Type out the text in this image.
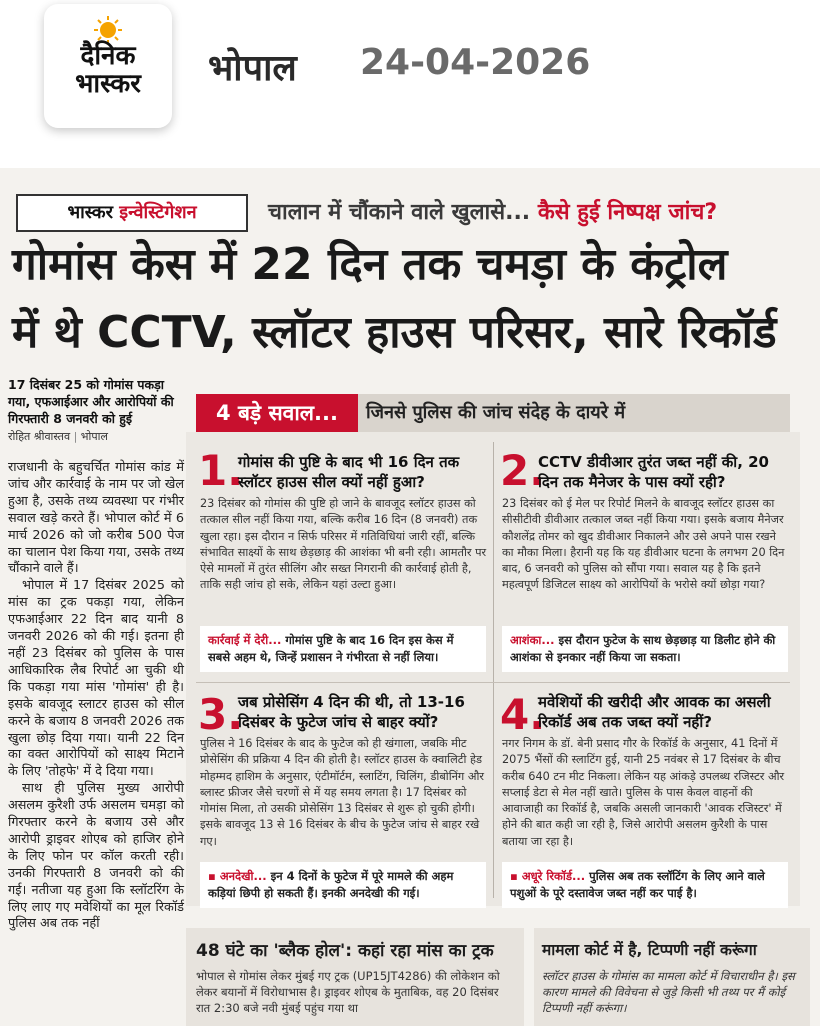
दैनिक
भास्कर	भोपाल 24-04-2026
भास्कर इन्वेस्टिगेशन	चालान में चौंकाने वाले खुलासे... कैसे हुई निष्पक्ष जांच?
गोमांस केस में 22 दिन तक चमड़ा के कंट्रोल
में थे CCTV, स्लॉटर हाउस परिसर, सारे रिकॉर्ड
17 दिसंबर 25 को गोमांस पकड़ा गया, एफआईआर और आरोपियों की गिरफ्तारी 8 जनवरी को हुई
रोहित श्रीवास्तव | भोपाल

राजधानी के बहुचर्चित गोमांस कांड में जांच और कार्रवाई के नाम पर जो खेल हुआ है, उसके तथ्य व्यवस्था पर गंभीर सवाल खड़े करते हैं। भोपाल कोर्ट में 6 मार्च 2026 को जो करीब 500 पेज का चालान पेश किया गया, उसके तथ्य चौंकाने वाले हैं।

भोपाल में 17 दिसंबर 2025 को मांस का ट्रक पकड़ा गया, लेकिन एफआईआर 22 दिन बाद यानी 8 जनवरी 2026 को की गई। इतना ही नहीं 23 दिसंबर को पुलिस के पास आधिकारिक लैब रिपोर्ट आ चुकी थी कि पकड़ा गया मांस 'गोमांस' ही है। इसके बावजूद स्लाटर हाउस को सील करने के बजाय 8 जनवरी 2026 तक खुला छोड़ दिया गया। यानी 22 दिन का वक्त आरोपियों को साक्ष्य मिटाने के लिए 'तोहफे' में दे दिया गया।

साथ ही पुलिस मुख्य आरोपी असलम कुरैशी उर्फ असलम चमड़ा को गिरफ्तार करने के बजाय उसे और आरोपी ड्राइवर शोएब को हाजिर होने के लिए फोन पर कॉल करती रही। उनकी गिरफ्तारी 8 जनवरी को की गई। नतीजा यह हुआ कि स्लॉटरिंग के लिए लाए गए मवेशियों का मूल रिकॉर्ड पुलिस अब तक नहीं

4 बड़े सवाल...	जिनसे पुलिस की जांच संदेह के दायरे में
1.
गोमांस की पुष्टि के बाद भी 16 दिन तक स्लॉटर हाउस सील क्यों नहीं हुआ?
23 दिसंबर को गोमांस की पुष्टि हो जाने के बावजूद स्लॉटर हाउस को तत्काल सील नहीं किया गया, बल्कि करीब 16 दिन (8 जनवरी) तक खुला रहा। इस दौरान न सिर्फ परिसर में गतिविधियां जारी रहीं, बल्कि संभावित साक्ष्यों के साथ छेड़छाड़ की आशंका भी बनी रही। आमतौर पर ऐसे मामलों में तुरंत सीलिंग और सख्त निगरानी की कार्रवाई होती है, ताकि सही जांच हो सके, लेकिन यहां उल्टा हुआ।
कार्रवाई में देरी... गोमांस पुष्टि के बाद 16 दिन इस केस में सबसे अहम थे, जिन्हें प्रशासन ने गंभीरता से नहीं लिया।
2.
CCTV डीवीआर तुरंत जब्त नहीं की, 20 दिन तक मैनेजर के पास क्यों रही?
23 दिसंबर को ई मेल पर रिपोर्ट मिलने के बावजूद स्लॉटर हाउस का सीसीटीवी डीवीआर तत्काल जब्त नहीं किया गया। इसके बजाय मैनेजर कौशलेंद्र तोमर को खुद डीवीआर निकालने और उसे अपने पास रखने का मौका मिला। हैरानी यह कि यह डीवीआर घटना के लगभग 20 दिन बाद, 6 जनवरी को पुलिस को सौंपा गया। सवाल यह है कि इतने महत्वपूर्ण डिजिटल साक्ष्य को आरोपियों के भरोसे क्यों छोड़ा गया?
आशंका... इस दौरान फुटेज के साथ छेड़छाड़ या डिलीट होने की आशंका से इनकार नहीं किया जा सकता।
3.
जब प्रोसेसिंग 4 दिन की थी, तो 13-16 दिसंबर के फुटेज जांच से बाहर क्यों?
पुलिस ने 16 दिसंबर के बाद के फुटेज को ही खंगाला, जबकि मीट प्रोसेसिंग की प्रक्रिया 4 दिन की होती है। स्लॉटर हाउस के क्वालिटी हेड मोहम्मद हाशिम के अनुसार, एंटीमॉर्टम, स्लाटिंग, चिलिंग, डीबोनिंग और ब्लास्ट फ्रीजर जैसे चरणों से में यह समय लगता है। 17 दिसंबर को गोमांस मिला, तो उसकी प्रोसेसिंग 13 दिसंबर से शुरू हो चुकी होगी। इसके बावजूद 13 से 16 दिसंबर के बीच के फुटेज जांच से बाहर रखे गए।
▪ अनदेखी... इन 4 दिनों के फुटेज में पूरे मामले की अहम कड़ियां छिपी हो सकती हैं। इनकी अनदेखी की गई।
4.
मवेशियों की खरीदी और आवक का असली रिकॉर्ड अब तक जब्त क्यों नहीं?
नगर निगम के डॉ. बेनी प्रसाद गौर के रिकॉर्ड के अनुसार, 41 दिनों में 2075 भैंसों की स्लाटिंग हुई, यानी 25 नवंबर से 17 दिसंबर के बीच करीब 640 टन मीट निकला। लेकिन यह आंकड़े उपलब्ध रजिस्टर और सप्लाई डेटा से मेल नहीं खाते। पुलिस के पास केवल वाहनों की आवाजाही का रिकॉर्ड है, जबकि असली जानकारी 'आवक रजिस्टर' में होने की बात कही जा रही है, जिसे आरोपी असलम कुरैशी के पास बताया जा रहा है।
▪ अधूरे रिकॉर्ड... पुलिस अब तक स्लॉटिंग के लिए आने वाले पशुओं के पूरे दस्तावेज जब्त नहीं कर पाई है।
48 घंटे का 'ब्लैक होल': कहां रहा मांस का ट्रक
भोपाल से गोमांस लेकर मुंबई गए ट्रक (UP15JT4286) की लोकेशन को लेकर बयानों में विरोधाभास है। ड्राइवर शोएब के मुताबिक, वह 20 दिसंबर रात 2:30 बजे नवी मुंबई पहुंच गया था
मामला कोर्ट में है, टिप्पणी नहीं करूंगा
स्लॉटर हाउस के गोमांस का मामला कोर्ट में विचाराधीन है। इस कारण मामले की विवेचना से जुड़े किसी भी तथ्य पर मैं कोई टिप्पणी नहीं करूंगा।
